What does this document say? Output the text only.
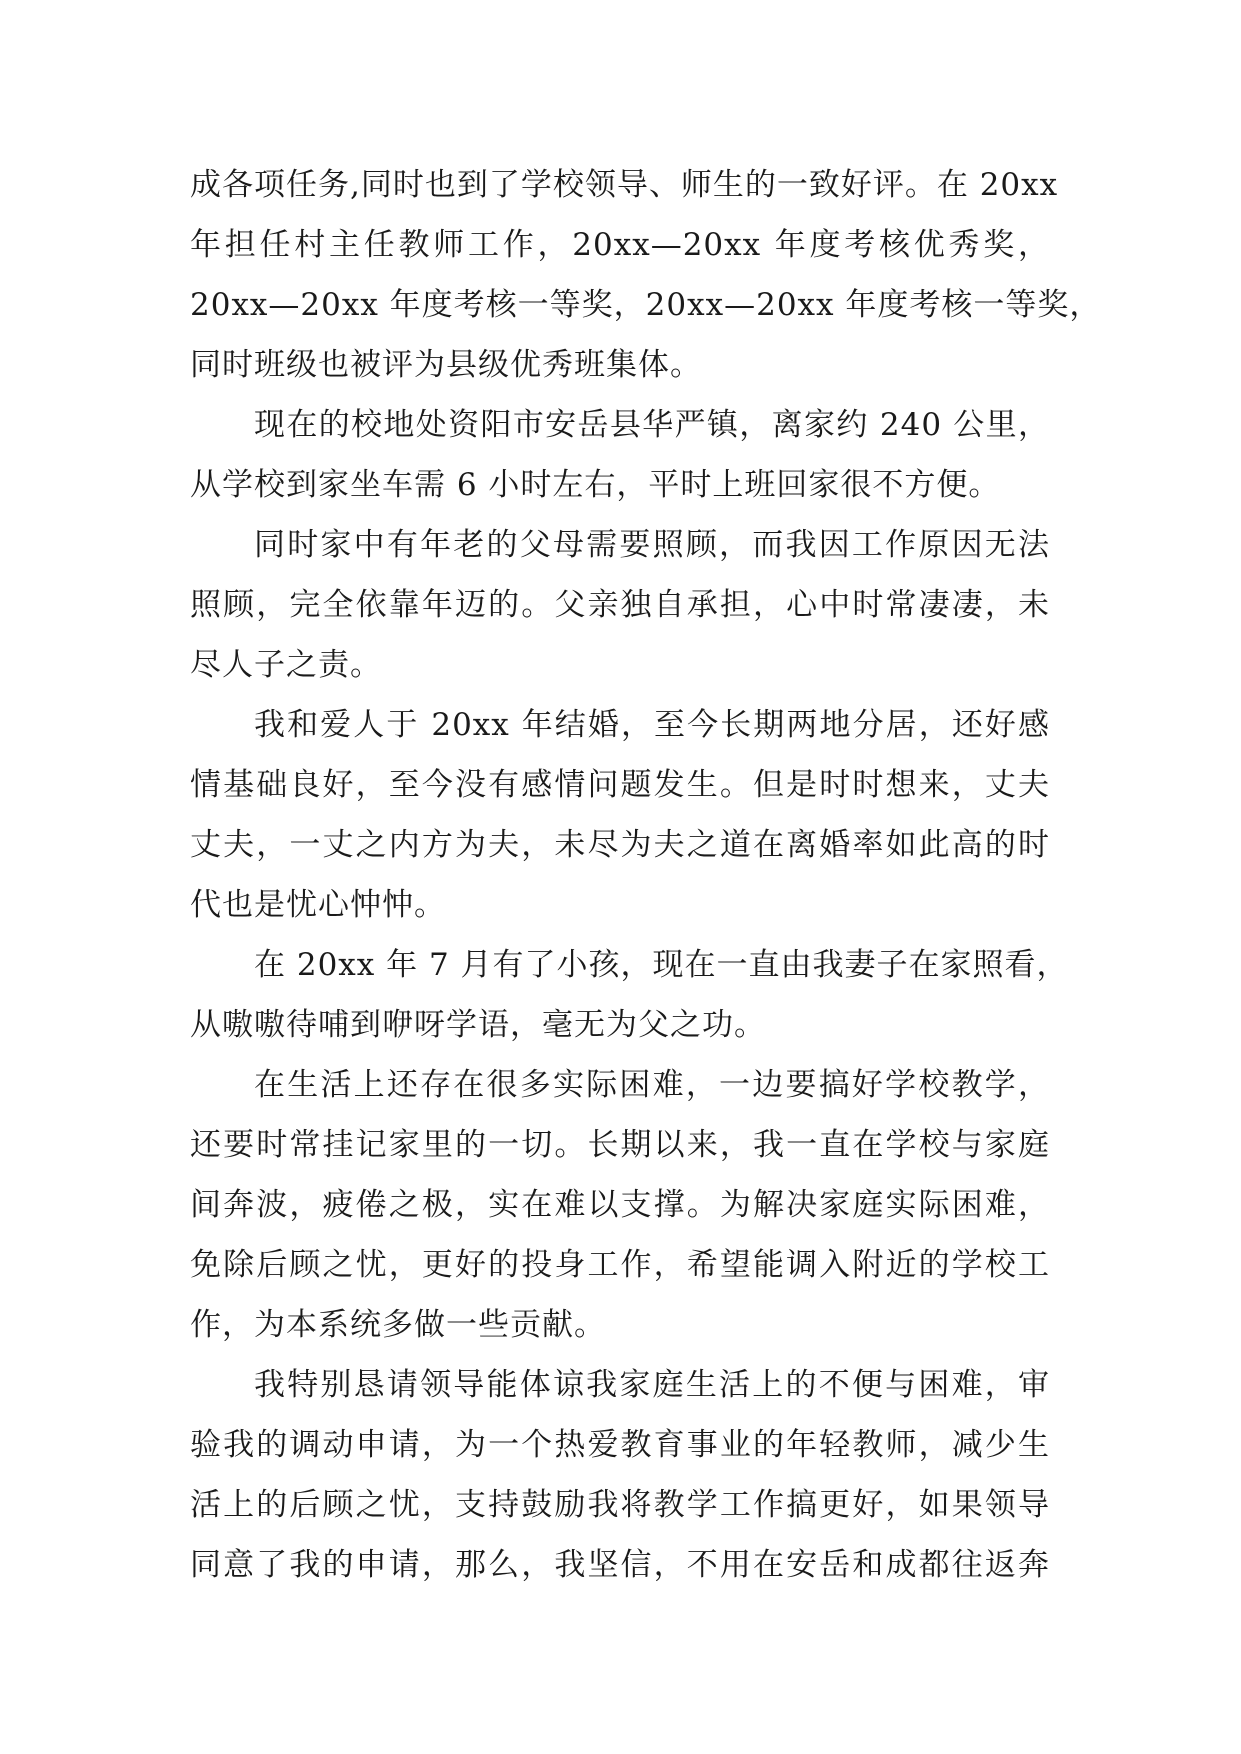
成各项任务,同时也到了学校领导、师生的一致好评。在 20xx
年担任村主任教师工作，20xx—20xx 年度考核优秀奖，
20xx—20xx 年度考核一等奖，20xx—20xx 年度考核一等奖，
同时班级也被评为县级优秀班集体。
现在的校地处资阳市安岳县华严镇，离家约 240 公里，
从学校到家坐车需 6 小时左右，平时上班回家很不方便。
同时家中有年老的父母需要照顾，而我因工作原因无法
照顾，完全依靠年迈的。父亲独自承担，心中时常凄凄，未
尽人子之责。
我和爱人于 20xx 年结婚，至今长期两地分居，还好感
情基础良好，至今没有感情问题发生。但是时时想来，丈夫
丈夫，一丈之内方为夫，未尽为夫之道在离婚率如此高的时
代也是忧心忡忡。
在 20xx 年 7 月有了小孩，现在一直由我妻子在家照看，
从嗷嗷待哺到咿呀学语，毫无为父之功。
在生活上还存在很多实际困难，一边要搞好学校教学，
还要时常挂记家里的一切。长期以来，我一直在学校与家庭
间奔波，疲倦之极，实在难以支撑。为解决家庭实际困难，
免除后顾之忧，更好的投身工作，希望能调入附近的学校工
作，为本系统多做一些贡献。
我特别恳请领导能体谅我家庭生活上的不便与困难，审
验我的调动申请，为一个热爱教育事业的年轻教师，减少生
活上的后顾之忧，支持鼓励我将教学工作搞更好，如果领导
同意了我的申请，那么，我坚信，不用在安岳和成都往返奔
